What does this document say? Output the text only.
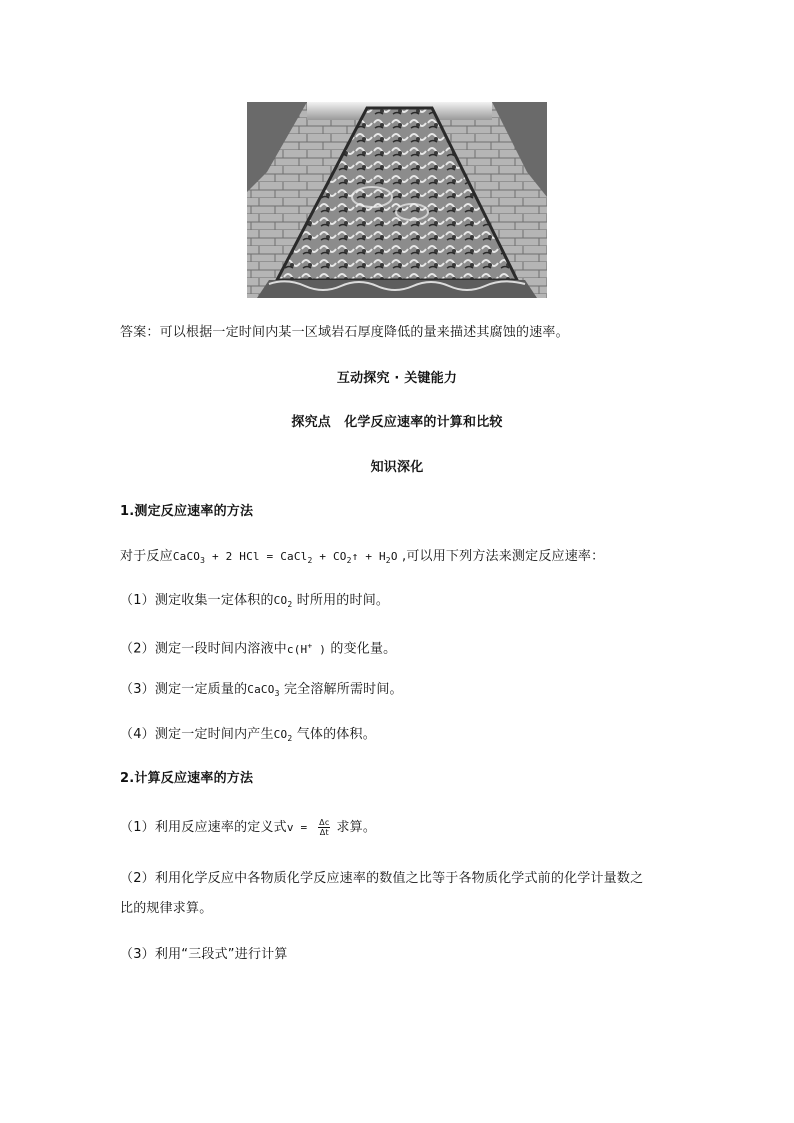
答案：可以根据一定时间内某一区域岩石厚度降低的量来描述其腐蚀的速率。
互动探究 · 关键能力
探究点　化学反应速率的计算和比较
知识深化
1.测定反应速率的方法
对于反应CaCO$_3$ + 2 HCl = CaCl$_2$ + $CO_2↑ + H_2O$ ,可以用下列方法来测定反应速率：
（1）测定收集一定体积的$CO_2$ 时所用的时间。
（2）测定一段时间内溶液中c(H+ ) 的变化量。
（3）测定一定质量的CaCO$_3$ 完全溶解所需时间。
（4）测定一定时间内产生$CO_2$ 气体的体积。
2.计算反应速率的方法
（1）利用反应速率的定义式$v = \frac{\Delta c}{\Delta t}$ 求算。
（2）利用化学反应中各物质化学反应速率的数值之比等于各物质化学式前的化学计量数之
比的规律求算。
（3）利用“三段式”进行计算
